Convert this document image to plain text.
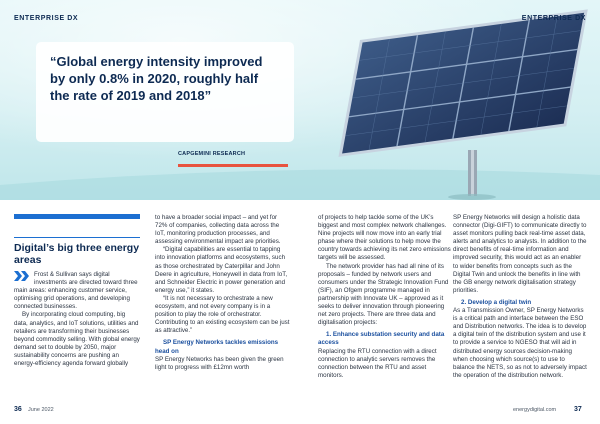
ENTERPRISE DX	ENTERPRISE DX
“Global energy intensity improved by only 0.8% in 2020, roughly half the rate of 2019 and 2018”
CAPGEMINI RESEARCH
Digital’s big three energy areas

Frost & Sullivan says digital investments are directed toward three main areas: enhancing customer service, optimising grid operations, and developing connected businesses.

By incorporating cloud computing, big data, analytics, and IoT solutions, utilities and retailers are transforming their businesses beyond commodity selling. With global energy demand set to double by 2050, major sustainability concerns are pushing an energy-efficiency agenda forward globally

to have a broader social impact – and yet for 72% of companies, collecting data across the IoT, monitoring production processes, and assessing environmental impact are priorities.

“Digital capabilities are essential to tapping into innovation platforms and ecosystems, such as those orchestrated by Caterpillar and John Deere in agriculture, Honeywell in data from IoT, and Schneider Electric in power generation and energy use,” it states.

“It is not necessary to orchestrate a new ecosystem, and not every company is in a position to play the role of orchestrator. Contributing to an existing ecosystem can be just as attractive.”

SP Energy Networks tackles emissions head on

SP Energy Networks has been given the green light to progress with £12mn worth

of projects to help tackle some of the UK’s biggest and most complex network challenges. Nine projects will now move into an early trial phase where their solutions to help move the country towards achieving its net zero emissions targets will be assessed.

The network provider has had all nine of its proposals – funded by network users and consumers under the Strategic Innovation Fund (SIF), an Ofgem programme managed in partnership with Innovate UK – approved as it seeks to deliver innovation through pioneering net zero projects. There are three data and digitalisation projects:

1. Enhance substation security and data access

Replacing the RTU connection with a direct connection to analytic servers removes the connection between the RTU and asset monitors.

SP Energy Networks will design a holistic data connector (Digi-GIFT) to communicate directly to asset monitors pulling back real-time asset data, alerts and analytics to analysts. In addition to the direct benefits of real-time information and improved security, this would act as an enabler to wider benefits from concepts such as the Digital Twin and unlock the benefits in line with the GB energy network digitalisation strategy priorities.

2. Develop a digital twin

As a Transmission Owner, SP Energy Networks is a critical path and interface between the ESO and Distribution networks. The idea is to develop a digital twin of the distribution system and use it to provide a service to NGESO that will aid in distributed energy sources decision-making when choosing which source(s) to use to balance the NETS, so as not to adversely impact the operation of the distribution network.

36 June 2022	energydigital.com	37
